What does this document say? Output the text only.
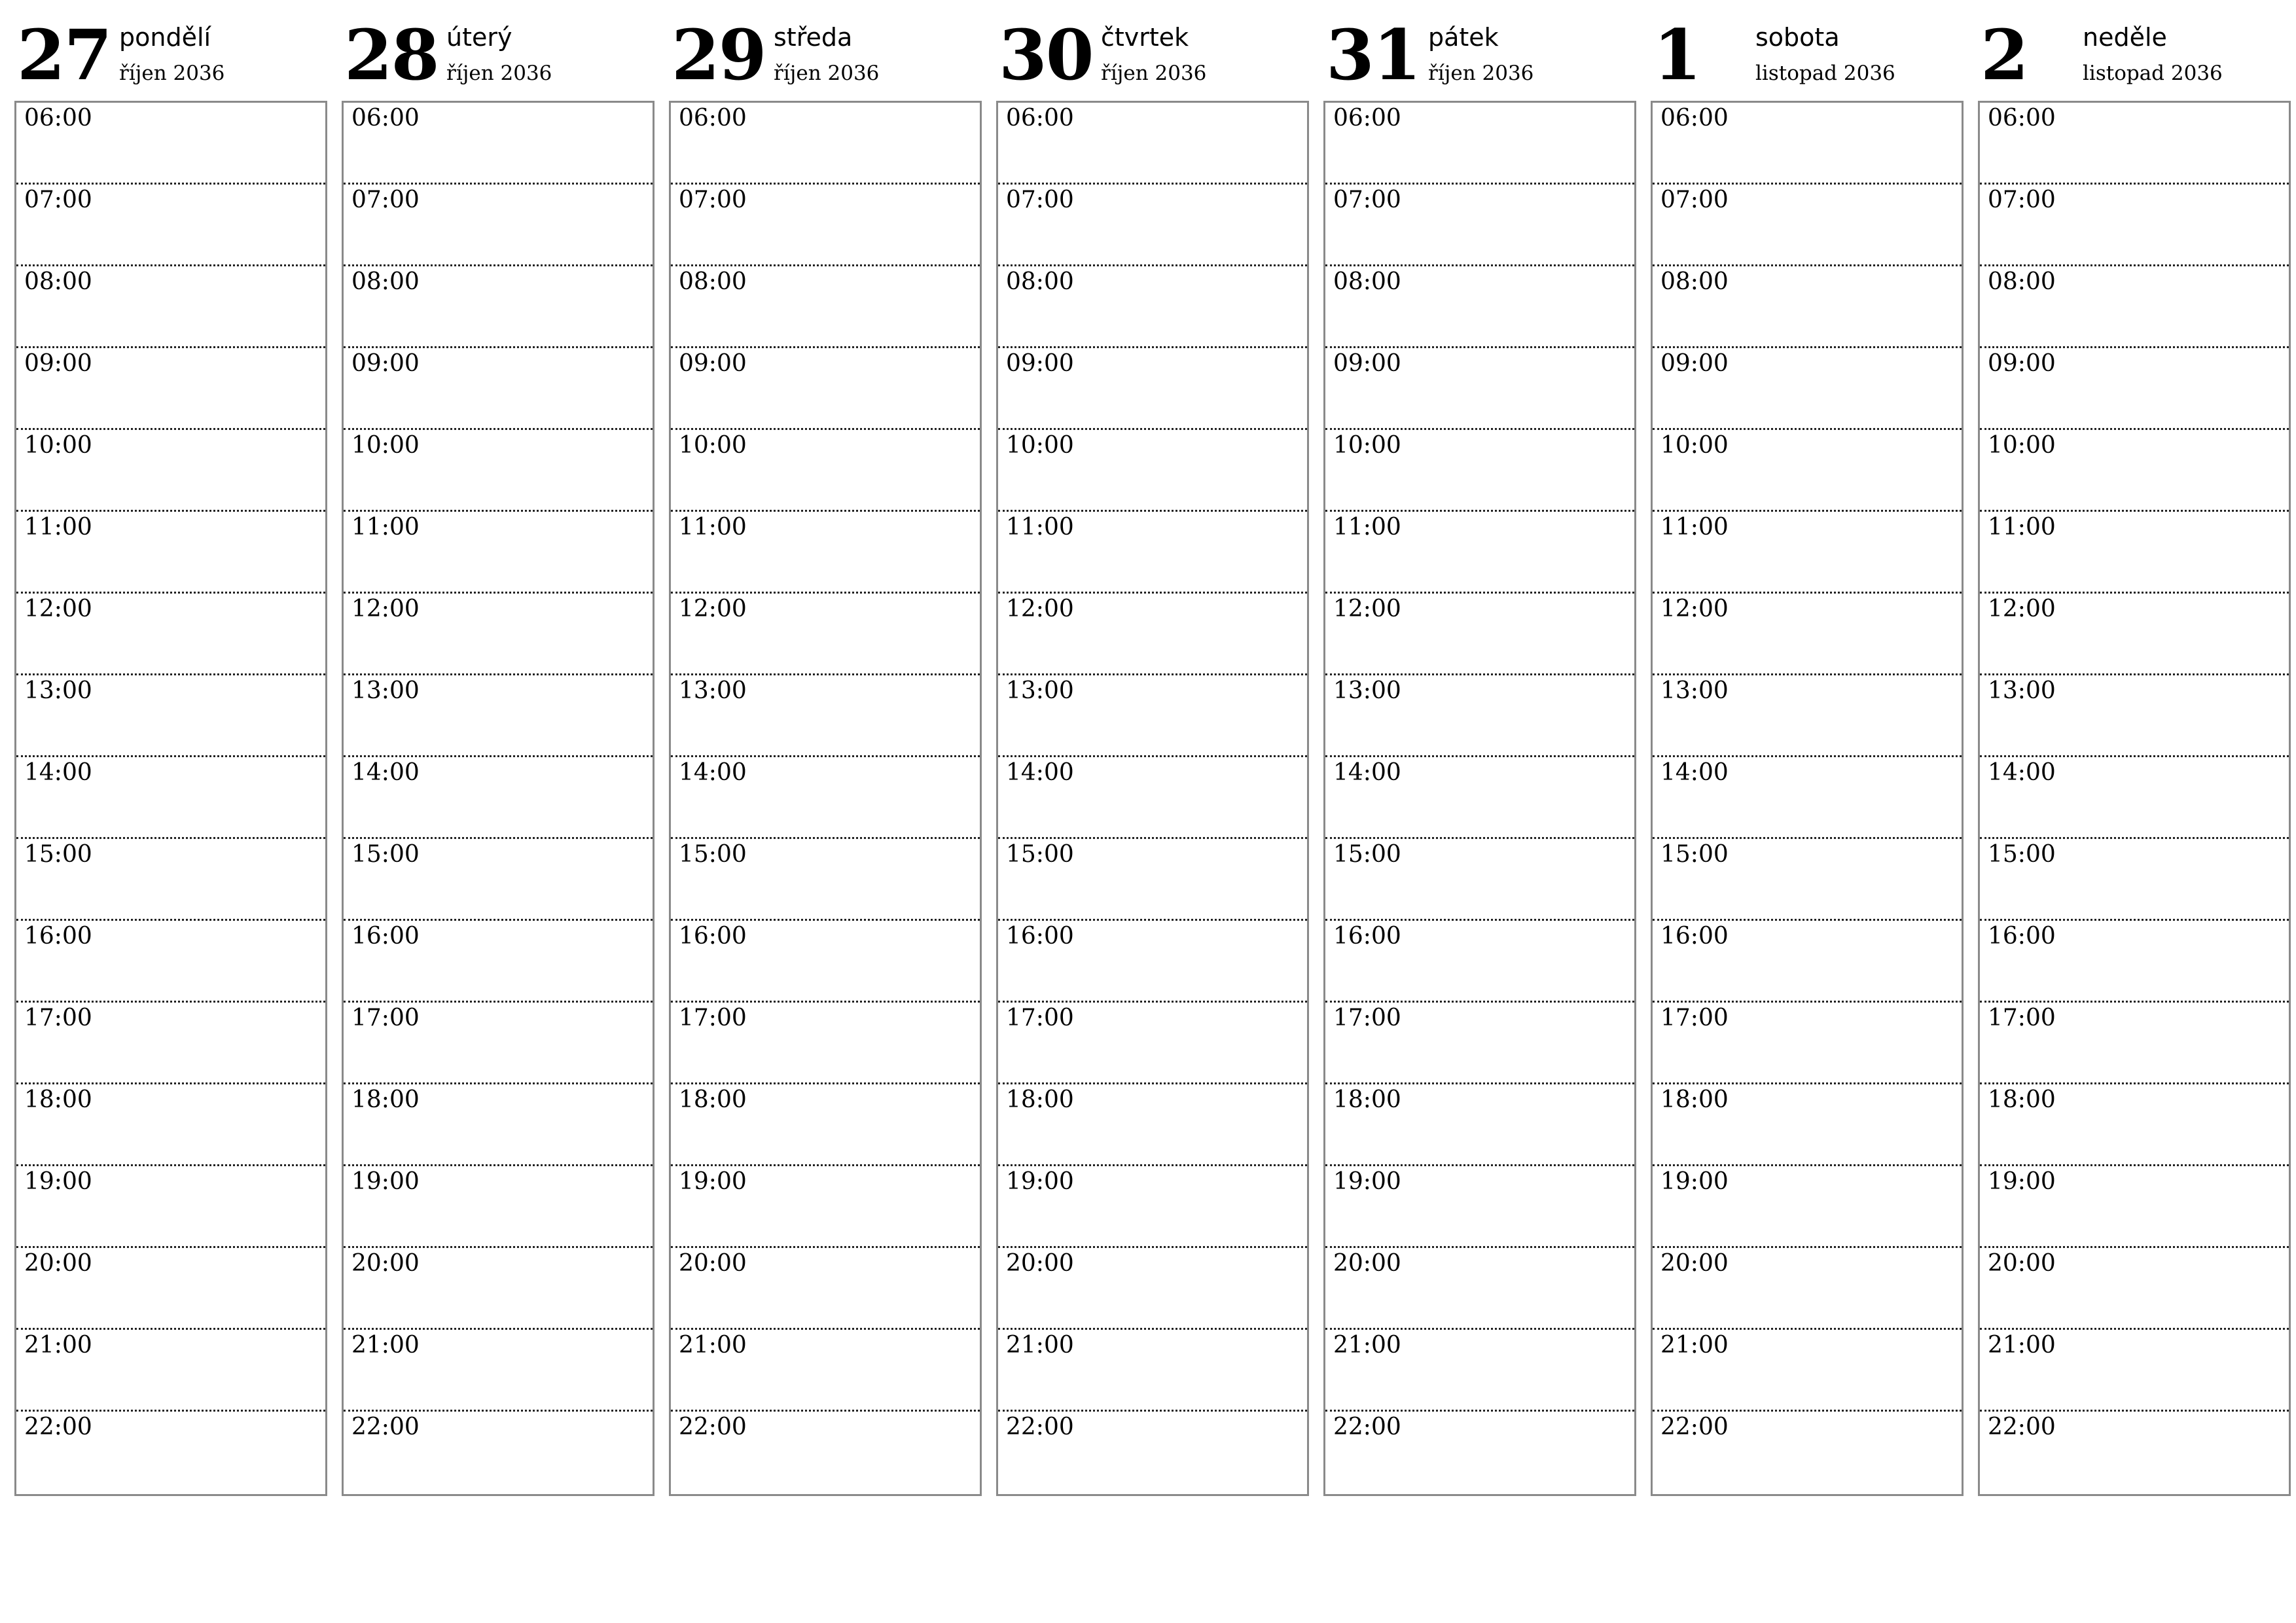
27 pondělí
říjen 2036
06:00
07:00
08:00
09:00
10:00
11:00
12:00
13:00
14:00
15:00
16:00
17:00
18:00
19:00
20:00
21:00
22:00
28 úterý
říjen 2036
06:00
07:00
08:00
09:00
10:00
11:00
12:00
13:00
14:00
15:00
16:00
17:00
18:00
19:00
20:00
21:00
22:00
29 středa
říjen 2036
06:00
07:00
08:00
09:00
10:00
11:00
12:00
13:00
14:00
15:00
16:00
17:00
18:00
19:00
20:00
21:00
22:00
30 čtvrtek
říjen 2036
06:00
07:00
08:00
09:00
10:00
11:00
12:00
13:00
14:00
15:00
16:00
17:00
18:00
19:00
20:00
21:00
22:00
31 pátek
říjen 2036
06:00
07:00
08:00
09:00
10:00
11:00
12:00
13:00
14:00
15:00
16:00
17:00
18:00
19:00
20:00
21:00
22:00
1 sobota
listopad 2036
06:00
07:00
08:00
09:00
10:00
11:00
12:00
13:00
14:00
15:00
16:00
17:00
18:00
19:00
20:00
21:00
22:00
2 neděle
listopad 2036
06:00
07:00
08:00
09:00
10:00
11:00
12:00
13:00
14:00
15:00
16:00
17:00
18:00
19:00
20:00
21:00
22:00
